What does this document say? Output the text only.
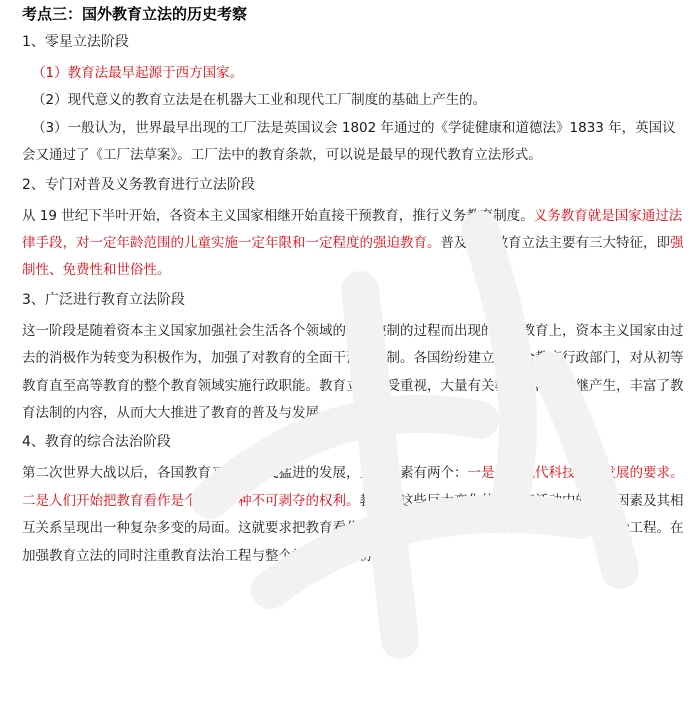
考点三：国外教育立法的历史考察
1、零星立法阶段
（1）教育法最早起源于西方国家。
（2）现代意义的教育立法是在机器大工业和现代工厂制度的基础上产生的。
（3）一般认为，世界最早出现的工厂法是英国议会 1802 年通过的《学徒健康和道德法》1833 年，英国议会又通过了《工厂法草案》。工厂法中的教育条款，可以说是最早的现代教育立法形式。
2、专门对普及义务教育进行立法阶段

从 19 世纪下半叶开始，各资本主义国家相继开始直接干预教育，推行义务教育制度。义务教育就是国家通过法律手段，对一定年龄范围的儿童实施一定年限和一定程度的强迫教育。普及义务教育立法主要有三大特征，即强制性、免费性和世俗性。

3、广泛进行教育立法阶段

这一阶段是随着资本主义国家加强社会生活各个领域的行政控制的过程而出现的。在教育上，资本主义国家由过去的消极作为转变为积极作为，加强了对教育的全面干预和控制。各国纷纷建立和健全教育行政部门，对从初等教育直至高等教育的整个教育领域实施行政职能。教育立法更受重视，大量有关教育的法律相继产生，丰富了教育法制的内容，从而大大推进了教育的普及与发展。

4、教育的综合法治阶段

第二次世界大战以后，各国教育又有了突飞猛进的发展，主要因素有两个：一是战后现代科技迅猛发展的要求。二是人们开始把教育看作是个人的一种不可剥夺的权利。教育的这些巨大变化使的教育活动中的各种因素及其相互关系呈现出一种复杂多变的局面。这就要求把教育看作一个整体，把教育立法看作一项综合性的法治工程。在加强教育立法的同时注重教育法治工程与整个社会工程的协调。
